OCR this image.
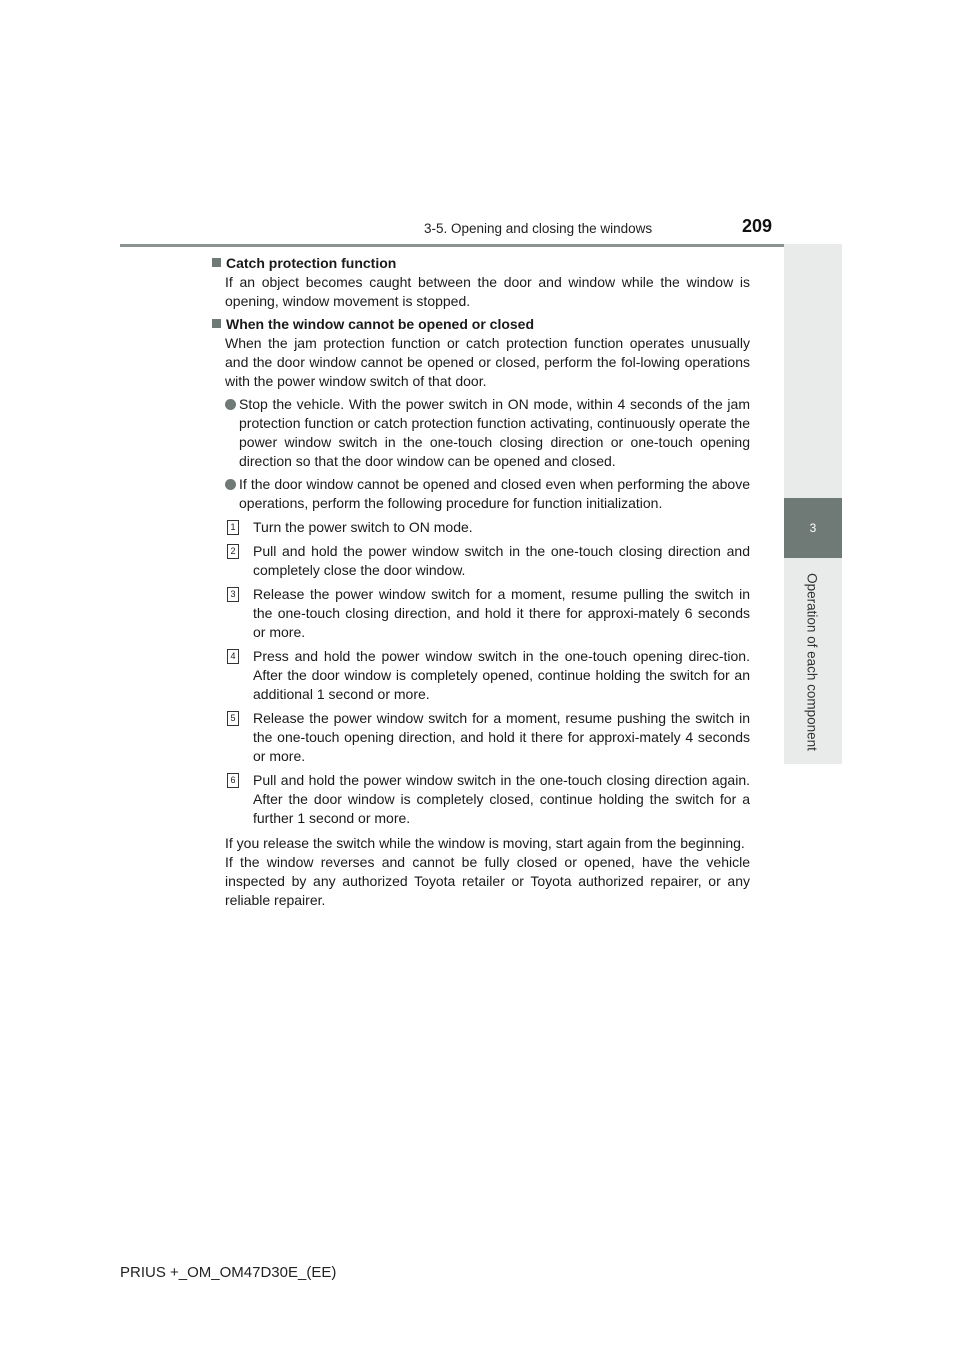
3-5. Opening and closing the windows	209
3
Operation of each component
Catch protection function

If an object becomes caught between the door and window while the window is opening, window movement is stopped.

When the window cannot be opened or closed

When the jam protection function or catch protection function operates unusually and the door window cannot be opened or closed, perform the fol-lowing operations with the power window switch of that door.

Stop the vehicle. With the power switch in ON mode, within 4 seconds of the jam protection function or catch protection function activating, continuously operate the power window switch in the one-touch closing direction or one-touch opening direction so that the door window can be opened and closed.
If the door window cannot be opened and closed even when performing the above operations, perform the following procedure for function initialization.
1 Turn the power switch to ON mode.
2 Pull and hold the power window switch in the one-touch closing direction and completely close the door window.
3 Release the power window switch for a moment, resume pulling the switch in the one-touch closing direction, and hold it there for approxi-mately 6 seconds or more.
4 Press and hold the power window switch in the one-touch opening direc-tion. After the door window is completely opened, continue holding the switch for an additional 1 second or more.
5 Release the power window switch for a moment, resume pushing the switch in the one-touch opening direction, and hold it there for approxi-mately 4 seconds or more.
6 Pull and hold the power window switch in the one-touch closing direction again. After the door window is completely closed, continue holding the switch for a further 1 second or more.

If you release the switch while the window is moving, start again from the beginning.

If the window reverses and cannot be fully closed or opened, have the vehicle inspected by any authorized Toyota retailer or Toyota authorized repairer, or any reliable repairer.

PRIUS +_OM_OM47D30E_(EE)
